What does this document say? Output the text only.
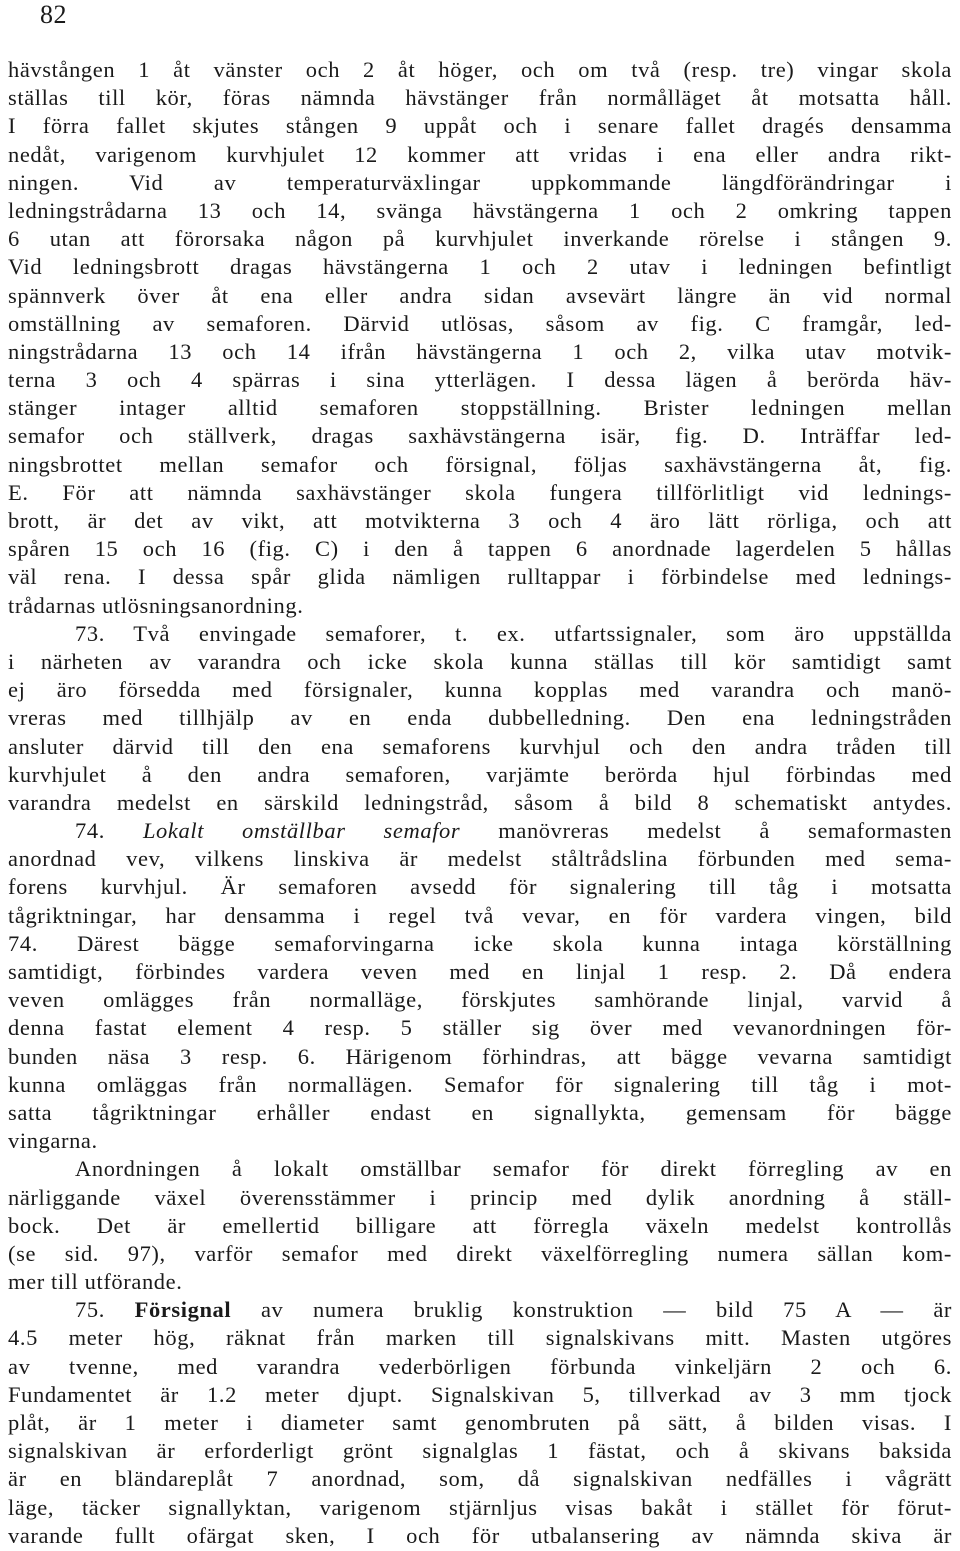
82
hävstången 1 åt vänster och 2 åt höger, och om två (resp. tre) vingar skola
ställas till kör, föras nämnda hävstänger från normålläget åt motsatta håll.
I förra fallet skjutes stången 9 uppåt och i senare fallet dragés densamma
nedåt, varigenom kurvhjulet 12 kommer att vridas i ena eller andra rikt-
ningen. Vid av temperaturväxlingar uppkommande längdförändringar i
ledningstrådarna 13 och 14, svänga hävstängerna 1 och 2 omkring tappen
6 utan att förorsaka någon på kurvhjulet inverkande rörelse i stången 9.
Vid ledningsbrott dragas hävstängerna 1 och 2 utav i ledningen befintligt
spännverk över åt ena eller andra sidan avsevärt längre än vid normal
omställning av semaforen. Därvid utlösas, såsom av fig. C framgår, led-
ningstrådarna 13 och 14 ifrån hävstängerna 1 och 2, vilka utav motvik-
terna 3 och 4 spärras i sina ytterlägen. I dessa lägen å berörda häv-
stänger intager alltid semaforen stoppställning. Brister ledningen mellan
semafor och ställverk, dragas saxhävstängerna isär, fig. D. Inträffar led-
ningsbrottet mellan semafor och försignal, följas saxhävstängerna åt, fig.
E. För att nämnda saxhävstänger skola fungera tillförlitligt vid lednings-
brott, är det av vikt, att motvikterna 3 och 4 äro lätt rörliga, och att
spåren 15 och 16 (fig. C) i den å tappen 6 anordnade lagerdelen 5 hållas
väl rena. I dessa spår glida nämligen rulltappar i förbindelse med lednings-
trådarnas utlösningsanordning.
73. Två envingade semaforer, t. ex. utfartssignaler, som äro uppställda
i närheten av varandra och icke skola kunna ställas till kör samtidigt samt
ej äro försedda med försignaler, kunna kopplas med varandra och manö-
vreras med tillhjälp av en enda dubbelledning. Den ena ledningstråden
ansluter därvid till den ena semaforens kurvhjul och den andra tråden till
kurvhjulet å den andra semaforen, varjämte berörda hjul förbindas med
varandra medelst en särskild ledningstråd, såsom å bild 8 schematiskt antydes.
74. Lokalt omställbar semafor manövreras medelst å semaformasten
anordnad vev, vilkens linskiva är medelst ståltrådslina förbunden med sema-
forens kurvhjul. Är semaforen avsedd för signalering till tåg i motsatta
tågriktningar, har densamma i regel två vevar, en för vardera vingen, bild
74. Därest bägge semaforvingarna icke skola kunna intaga körställning
samtidigt, förbindes vardera veven med en linjal 1 resp. 2. Då endera
veven omlägges från normalläge, förskjutes samhörande linjal, varvid å
denna fastat element 4 resp. 5 ställer sig över med vevanordningen för-
bunden näsa 3 resp. 6. Härigenom förhindras, att bägge vevarna samtidigt
kunna omläggas från normallägen. Semafor för signalering till tåg i mot-
satta tågriktningar erhåller endast en signallykta, gemensam för bägge
vingarna.
Anordningen å lokalt omställbar semafor för direkt förregling av en
närliggande växel överensstämmer i princip med dylik anordning å ställ-
bock. Det är emellertid billigare att förregla växeln medelst kontrollås
(se sid. 97), varför semafor med direkt växelförregling numera sällan kom-
mer till utförande.
75. Försignal av numera bruklig konstruktion — bild 75 A — är
4.5 meter hög, räknat från marken till signalskivans mitt. Masten utgöres
av tvenne, med varandra vederbörligen förbunda vinkeljärn 2 och 6.
Fundamentet är 1.2 meter djupt. Signalskivan 5, tillverkad av 3 mm tjock
plåt, är 1 meter i diameter samt genombruten på sätt, å bilden visas. I
signalskivan är erforderligt grönt signalglas 1 fästat, och å skivans baksida
är en bländareplåt 7 anordnad, som, då signalskivan nedfälles i vågrätt
läge, täcker signallyktan, varigenom stjärnljus visas bakåt i stället för förut-
varande fullt ofärgat sken, I och för utbalansering av nämnda skiva är
